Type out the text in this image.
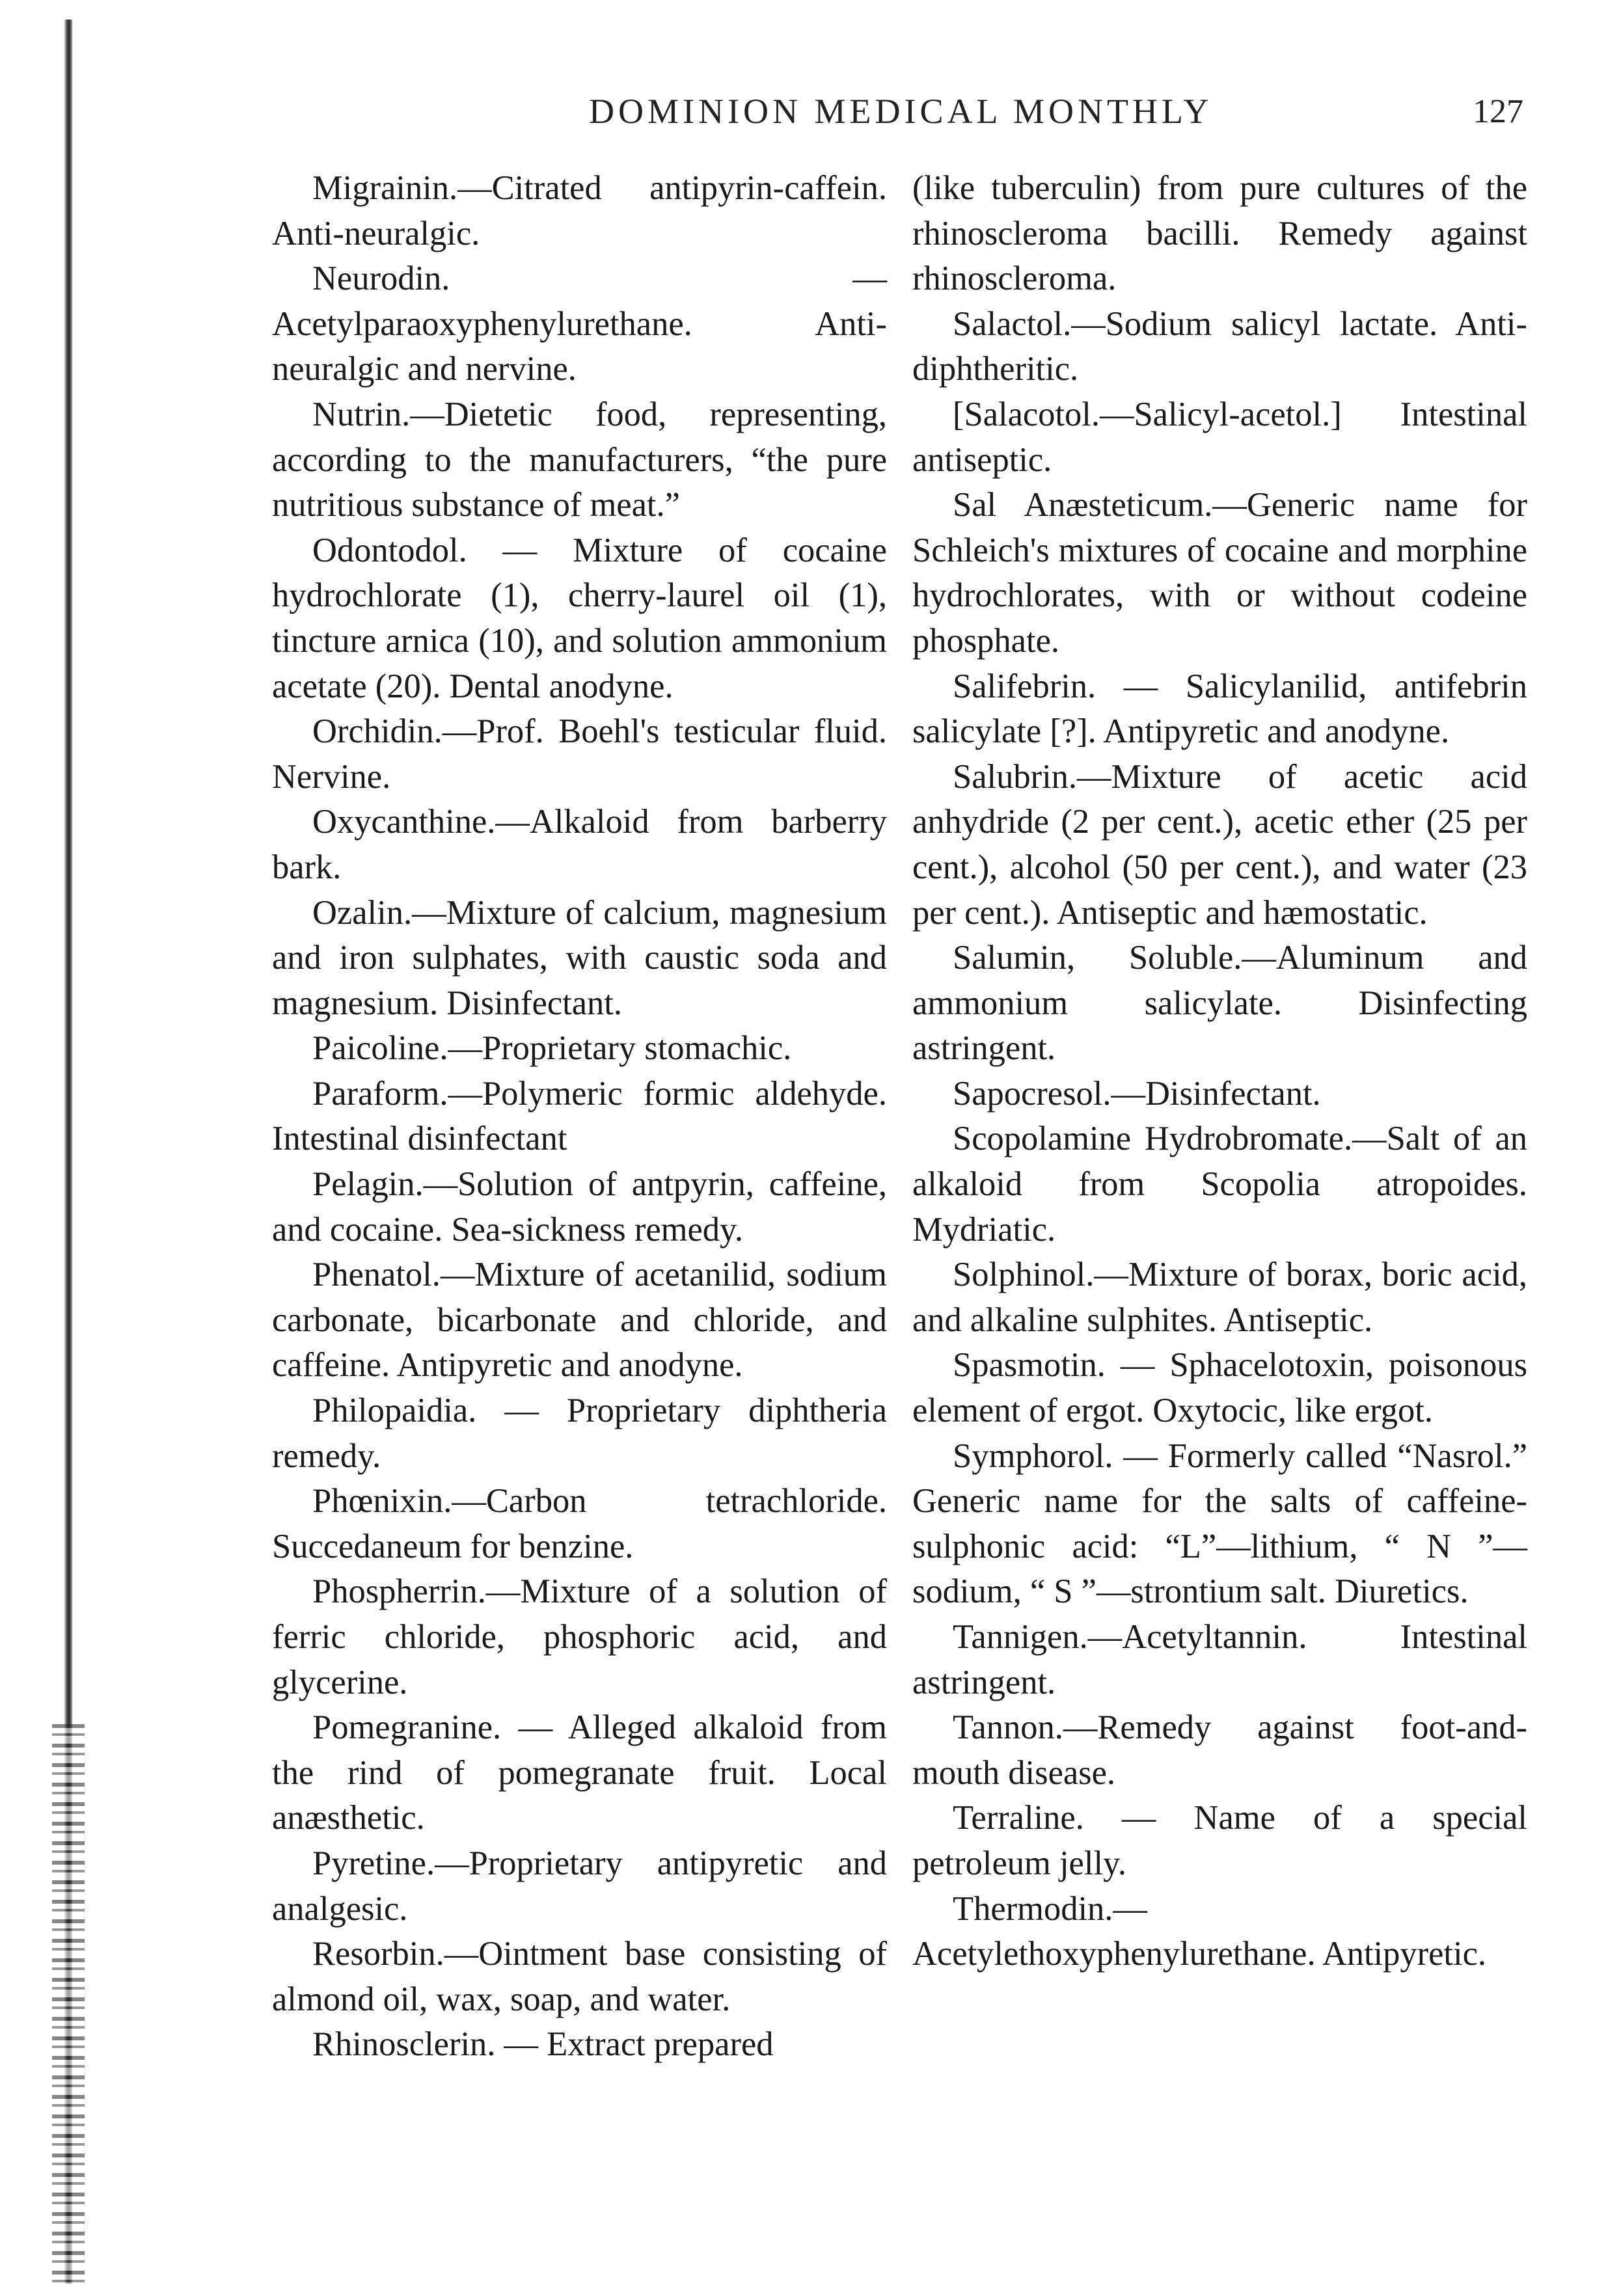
DOMINION MEDICAL MONTHLY	127

Migrainin.—Citrated antipyrin-caffein. Anti-neuralgic.

Neurodin. — Acetylparaoxyphenylurethane. Anti-neuralgic and nervine.

Nutrin.—Dietetic food, representing, according to the manufacturers, “the pure nutritious substance of meat.”

Odontodol. — Mixture of cocaine hydrochlorate (1), cherry-laurel oil (1), tincture arnica (10), and solution ammonium acetate (20). Dental anodyne.

Orchidin.—Prof. Boehl's testicular fluid. Nervine.

Oxycanthine.—Alkaloid from barberry bark.

Ozalin.—Mixture of calcium, magnesium and iron sulphates, with caustic soda and magnesium. Disinfectant.

Paicoline.—Proprietary stomachic.

Paraform.—Polymeric formic aldehyde. Intestinal disinfectant

Pelagin.—Solution of antpyrin, caffeine, and cocaine. Sea-sickness remedy.

Phenatol.—Mixture of acetanilid, sodium carbonate, bicarbonate and chloride, and caffeine. Antipyretic and anodyne.

Philopaidia. — Proprietary diphtheria remedy.

Phœnixin.—Carbon tetrachloride. Succedaneum for benzine.

Phospherrin.—Mixture of a solution of ferric chloride, phosphoric acid, and glycerine.

Pomegranine. — Alleged alkaloid from the rind of pomegranate fruit. Local anæsthetic.

Pyretine.—Proprietary antipyretic and analgesic.

Resorbin.—Ointment base consisting of almond oil, wax, soap, and water.

Rhinosclerin. — Extract prepared

(like tuberculin) from pure cultures of the rhinoscleroma bacilli. Remedy against rhinoscleroma.

Salactol.—Sodium salicyl lactate. Anti-diphtheritic.

[Salacotol.—Salicyl-acetol.] Intestinal antiseptic.

Sal Anæsteticum.—Generic name for Schleich's mixtures of cocaine and morphine hydrochlorates, with or without codeine phosphate.

Salifebrin. — Salicylanilid, antifebrin salicylate [?]. Antipyretic and anodyne.

Salubrin.—Mixture of acetic acid anhydride (2 per cent.), acetic ether (25 per cent.), alcohol (50 per cent.), and water (23 per cent.). Antiseptic and hæmostatic.

Salumin, Soluble.—Aluminum and ammonium salicylate. Disinfecting astringent.

Sapocresol.—Disinfectant.

Scopolamine Hydrobromate.—Salt of an alkaloid from Scopolia atropoides. Mydriatic.

Solphinol.—Mixture of borax, boric acid, and alkaline sulphites. Antiseptic.

Spasmotin. — Sphacelotoxin, poisonous element of ergot. Oxytocic, like ergot.

Symphorol. — Formerly called “Nasrol.” Generic name for the salts of caffeine-sulphonic acid: “L”—lithium, “ N ”—sodium, “ S ”—strontium salt. Diuretics.

Tannigen.—Acetyltannin. Intestinal astringent.

Tannon.—Remedy against foot-and-mouth disease.

Terraline. — Name of a special petroleum jelly.

Thermodin.—Acetylethoxyphenylurethane. Antipyretic.
